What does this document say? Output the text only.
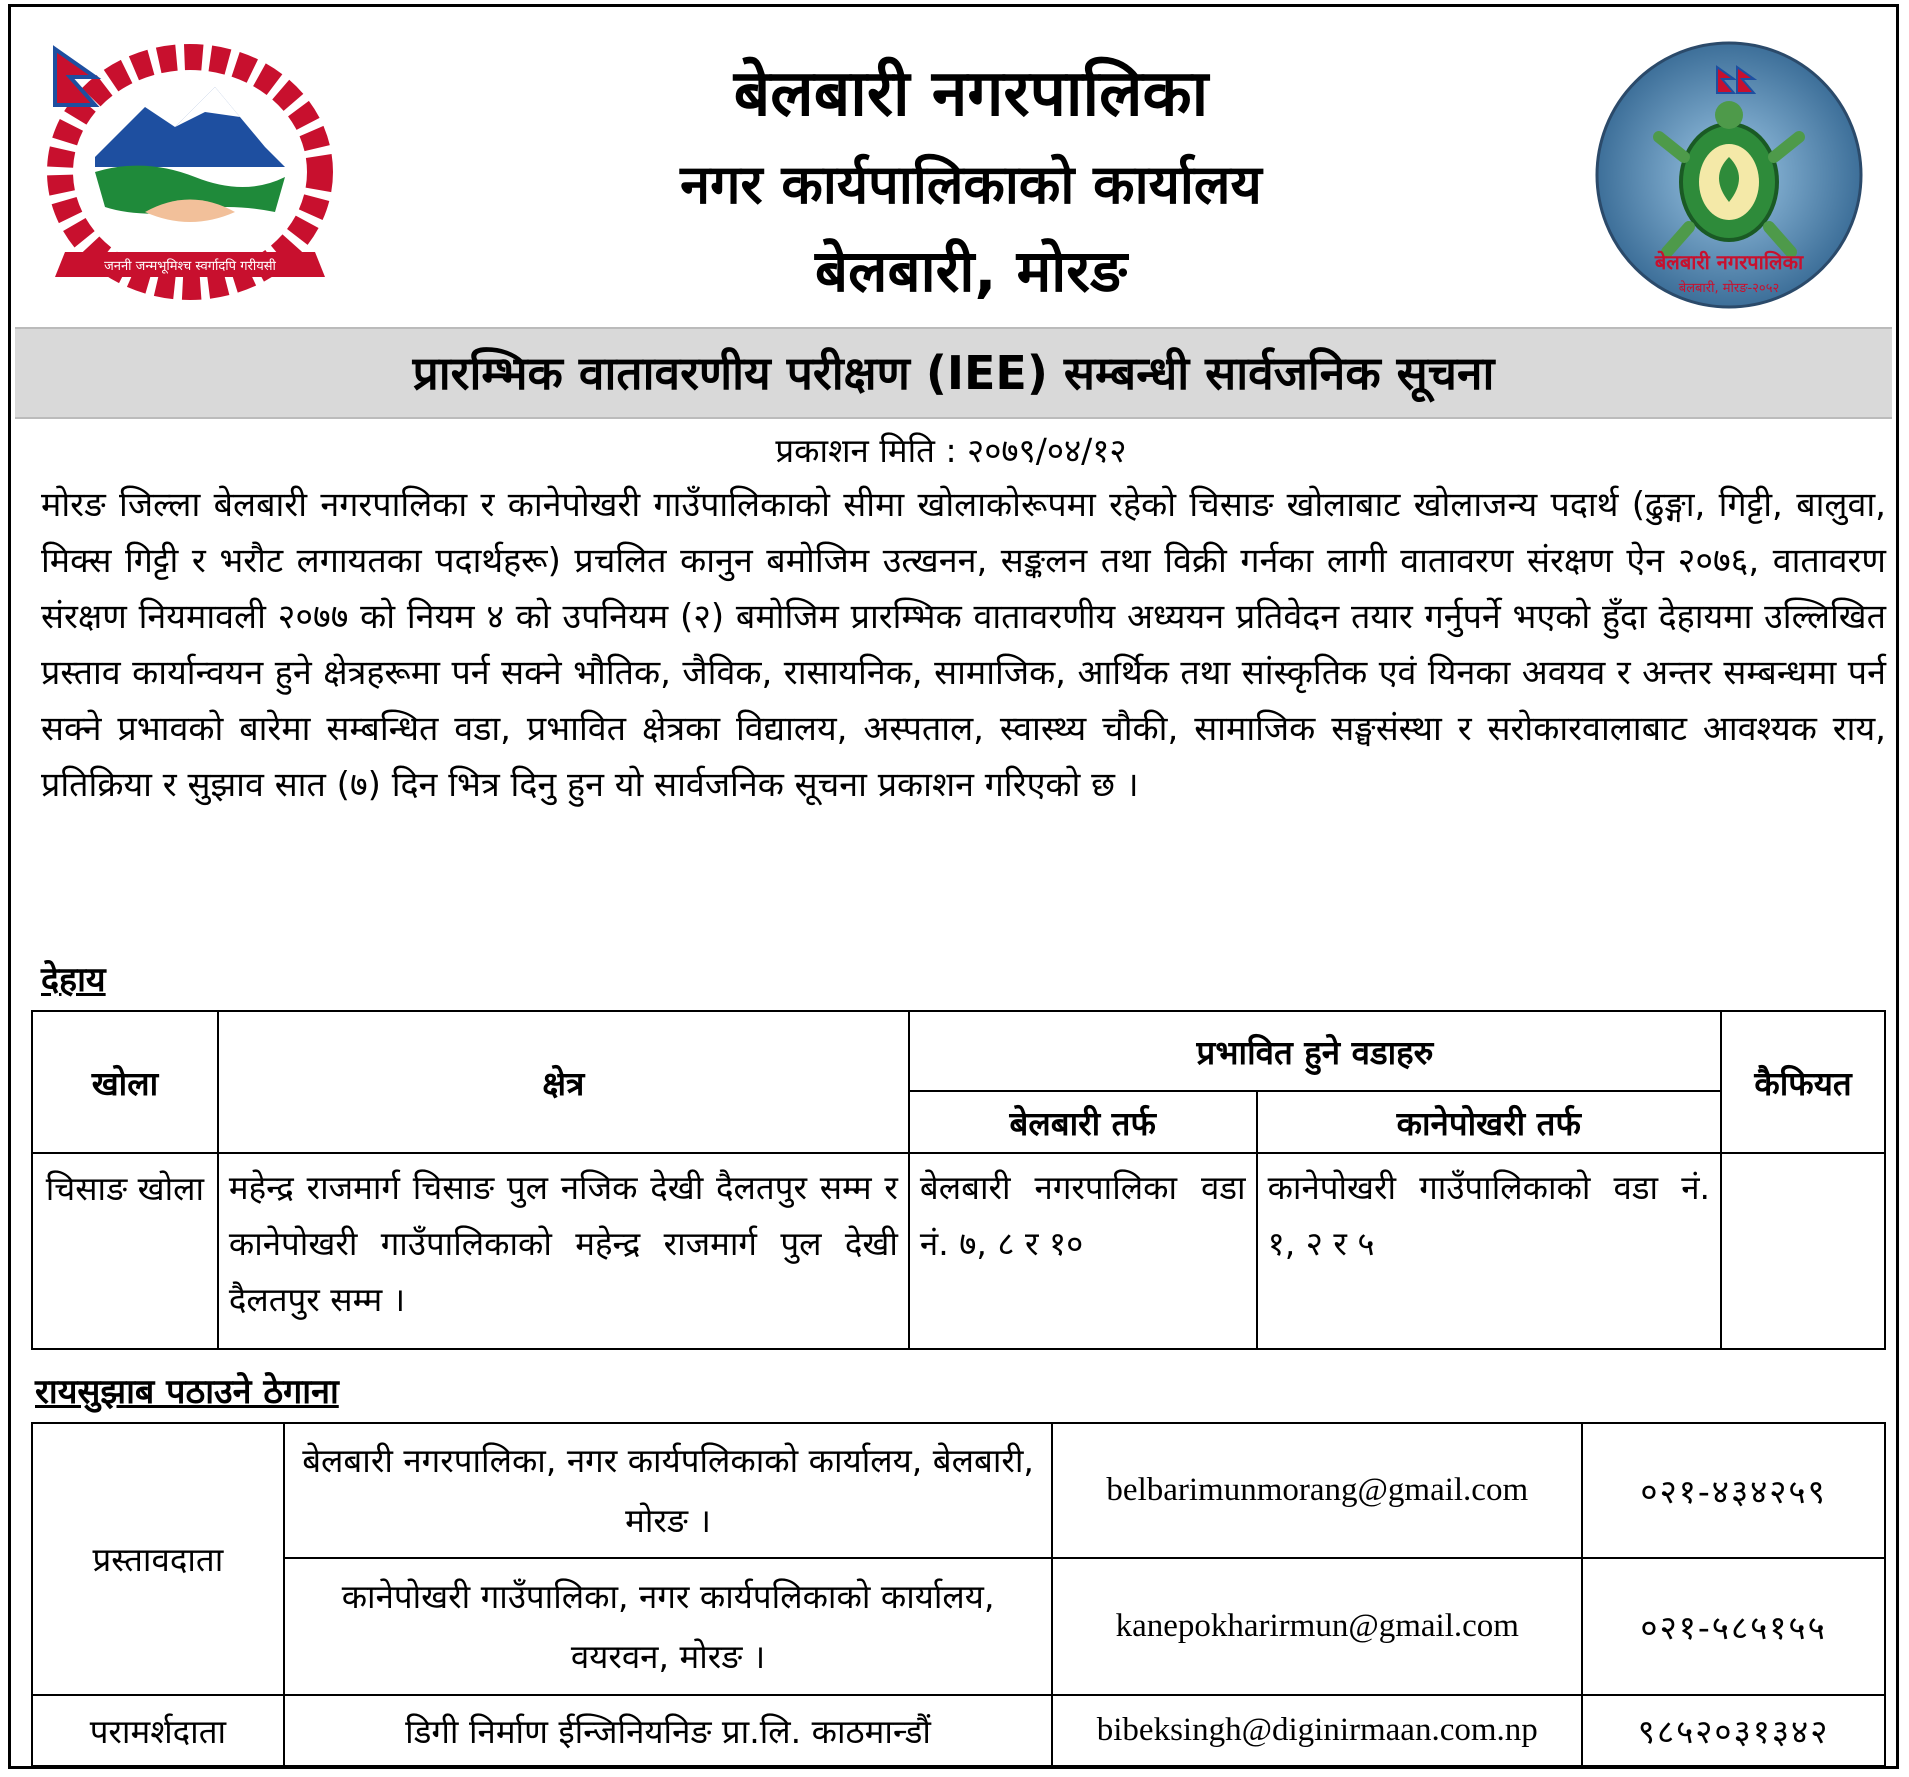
जननी जन्मभूमिश्च स्वर्गादपि गरीयसी	बेलबारी नगरपालिका
बेलबारी, मोरङ-२०५२
बेलबारी नगरपालिका
नगर कार्यपालिकाको कार्यालय
बेलबारी, मोरङ
प्रारम्भिक वातावरणीय परीक्षण (IEE) सम्बन्धी सार्वजनिक सूचना
प्रकाशन मिति : २०७९/०४/१२
मोरङ जिल्ला बेलबारी नगरपालिका र कानेपोखरी गाउँपालिकाको सीमा खोलाकोरूपमा रहेको चिसाङ खोलाबाट खोलाजन्य पदार्थ (ढुङ्गा, गिट्टी, बालुवा, मिक्स गिट्टी र भरौट लगायतका पदार्थहरू) प्रचलित कानुन बमोजिम उत्खनन, सङ्कलन तथा विक्री गर्नका लागी वातावरण संरक्षण ऐन २०७६, वातावरण संरक्षण नियमावली २०७७ को नियम ४ को उपनियम (२) बमोजिम प्रारम्भिक वातावरणीय अध्ययन प्रतिवेदन तयार गर्नुपर्ने भएको हुँदा देहायमा उल्लिखित प्रस्ताव कार्यान्वयन हुने क्षेत्रहरूमा पर्न सक्ने भौतिक, जैविक, रासायनिक, सामाजिक, आर्थिक तथा सांस्कृतिक एवं यिनका अवयव र अन्तर सम्बन्धमा पर्न सक्ने प्रभावको बारेमा सम्बन्धित वडा, प्रभावित क्षेत्रका विद्यालय, अस्पताल, स्वास्थ्य चौकी, सामाजिक सङ्घसंस्था र सरोकारवालाबाट आवश्यक राय, प्रतिक्रिया र सुझाव सात (७) दिन भित्र दिनु हुन यो सार्वजनिक सूचना प्रकाशन गरिएको छ ।
देहाय
खोला	क्षेत्र	प्रभावित हुने वडाहरु		कैफियत
		बेलबारी तर्फ	कानेपोखरी तर्फ	
चिसाङ खोला	महेन्द्र राजमार्ग चिसाङ पुल नजिक देखी दैलतपुर सम्म र कानेपोखरी गाउँपालिकाको महेन्द्र राजमार्ग पुल देखी दैलतपुर सम्म ।	बेलबारी नगरपालिका वडा नं. ७, ८ र १०	कानेपोखरी गाउँपालिकाको वडा नं. १, २ र ५	
रायसुझाब पठाउने ठेगाना
प्रस्तावदाता	बेलबारी नगरपालिका, नगर कार्यपलिकाको कार्यालय, बेलबारी, मोरङ ।	belbarimunmorang@gmail.com	०२१-४३४२५९
	कानेपोखरी गाउँपालिका, नगर कार्यपलिकाको कार्यालय, वयरवन, मोरङ ।	kanepokharirmun@gmail.com	०२१-५८५१५५
परामर्शदाता	डिगी निर्माण ईन्जिनियनिङ प्रा.लि. काठमान्डौं	bibeksingh@diginirmaan.com.np	९८५२०३१३४२
